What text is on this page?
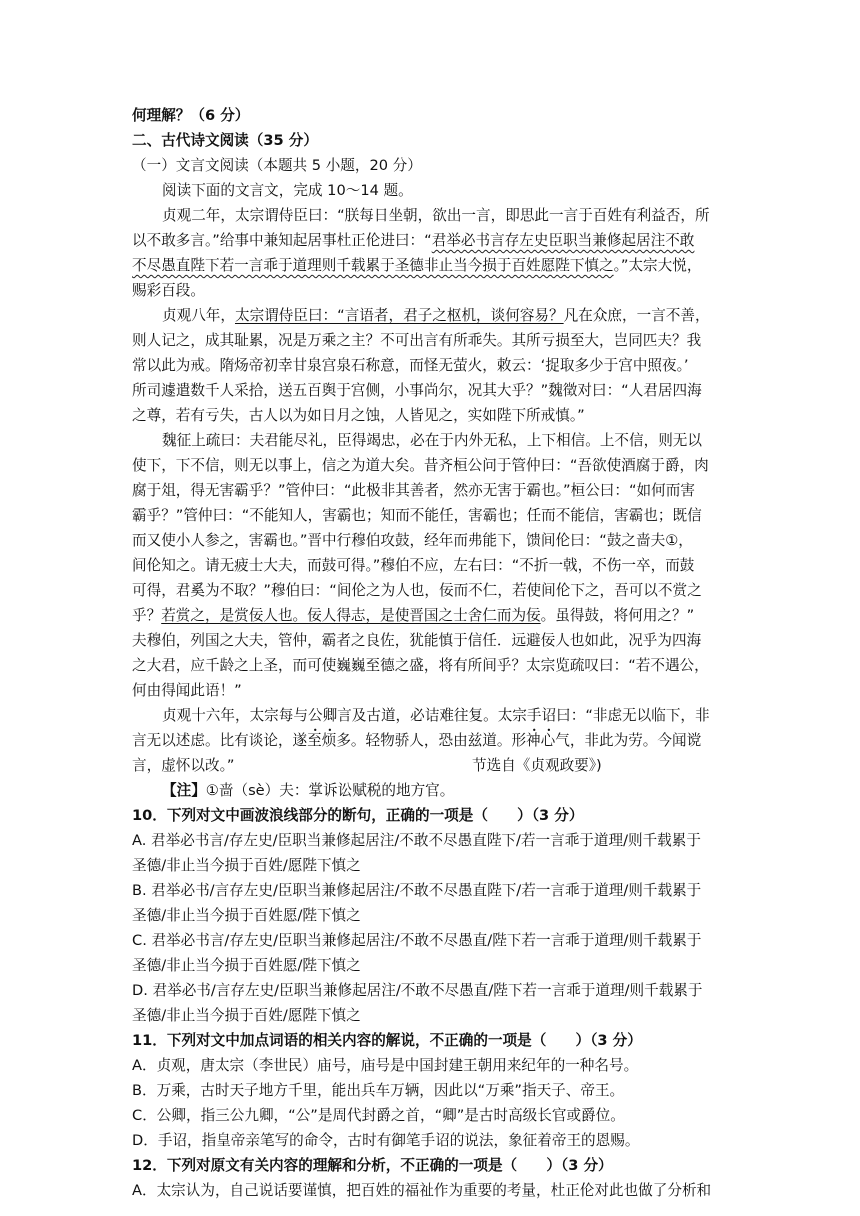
何理解？（6 分）
二、古代诗文阅读（35 分）
（一）文言文阅读（本题共 5 小题，20 分）
阅读下面的文言文，完成 10～14 题。
贞观二年，太宗谓侍臣曰：“朕每日坐朝，欲出一言，即思此一言于百姓有利益否，所
以不敢多言。”给事中兼知起居事杜正伦进曰：“君举必书言存左史臣职当兼修起居注不敢
不尽愚直陛下若一言乖于道理则千载累于圣德非止当今损于百姓愿陛下慎之。”太宗大悦，
赐彩百段。
贞观八年，太宗谓侍臣曰：“言语者，君子之枢机，谈何容易？凡在众庶，一言不善，
则人记之，成其耻累，况是万乘之主？不可出言有所乖失。其所亏损至大，岂同匹夫？我
常以此为戒。隋炀帝初幸甘泉宫泉石称意，而怪无萤火，敕云：‘捉取多少于宫中照夜。’
所司遽遣数千人采拾，送五百舆于宫侧，小事尚尔，况其大乎？”魏徵对曰：“人君居四海
之尊，若有亏失，古人以为如日月之蚀，人皆见之，实如陛下所戒慎。”
魏征上疏曰：夫君能尽礼，臣得竭忠，必在于内外无私，上下相信。上不信，则无以
使下，下不信，则无以事上，信之为道大矣。昔齐桓公问于管仲曰：“吾欲使酒腐于爵，肉
腐于俎，得无害霸乎？”管仲曰：“此极非其善者，然亦无害于霸也。”桓公曰：“如何而害
霸乎？”管仲曰：“不能知人，害霸也；知而不能任，害霸也；任而不能信，害霸也；既信
而又使小人参之，害霸也。”晋中行穆伯攻鼓，经年而弗能下，馈间伦曰：“鼓之啬夫①，
间伦知之。请无疲士大夫，而鼓可得。”穆伯不应，左右曰：“不折一戟，不伤一卒，而鼓
可得，君奚为不取？”穆伯曰：“间伦之为人也，佞而不仁，若使间伦下之，吾可以不赏之
乎？若赏之，是赏佞人也。佞人得志，是使晋国之士舍仁而为佞。虽得鼓，将何用之？”
夫穆伯，列国之大夫，管仲，霸者之良佐，犹能慎于信任．远避佞人也如此，况乎为四海
之大君，应千龄之上圣，而可使巍巍至德之盛，将有所间乎？太宗览疏叹曰：“若不遇公，
何由得闻此语！”
贞观十六年，太宗每与公卿言及古道，必诘难往复。太宗手诏曰：“非虑无以临下，非
言无以述虑。比有谈论，遂至烦多。轻物骄人，恐由兹道。形神心气，非此为劳。今闻谠
言，虚怀以改。”	节选自《贞观政要》)
【注】①啬（sè）夫：掌诉讼赋税的地方官。
10．下列对文中画波浪线部分的断句，正确的一项是（　　）（3 分）
A. 君举必书言/存左史/臣职当兼修起居注/不敢不尽愚直陛下/若一言乖于道理/则千载累于
圣德/非止当今损于百姓/愿陛下慎之
B. 君举必书/言存左史/臣职当兼修起居注/不敢不尽愚直陛下/若一言乖于道理/则千载累于
圣德/非止当今损于百姓愿/陛下慎之
C. 君举必书言/存左史/臣职当兼修起居注/不敢不尽愚直/陛下若一言乖于道理/则千载累于
圣德/非止当今损于百姓愿/陛下慎之
D. 君举必书/言存左史/臣职当兼修起居注/不敢不尽愚直/陛下若一言乖于道理/则千载累于
圣德/非止当今损于百姓/愿陛下慎之
11．下列对文中加点词语的相关内容的解说，不正确的一项是（　　）（3 分）
A．贞观，唐太宗（李世民）庙号，庙号是中国封建王朝用来纪年的一种名号。
B．万乘，古时天子地方千里，能出兵车万辆，因此以“万乘”指天子、帝王。
C．公卿，指三公九卿，“公”是周代封爵之首，“卿”是古时高级长官或爵位。
D．手诏，指皇帝亲笔写的命令，古时有御笔手诏的说法，象征着帝王的恩赐。
12．下列对原文有关内容的理解和分析，不正确的一项是（　　）（3 分）
A．太宗认为，自己说话要谨慎，把百姓的福祉作为重要的考量，杜正伦对此也做了分析和
